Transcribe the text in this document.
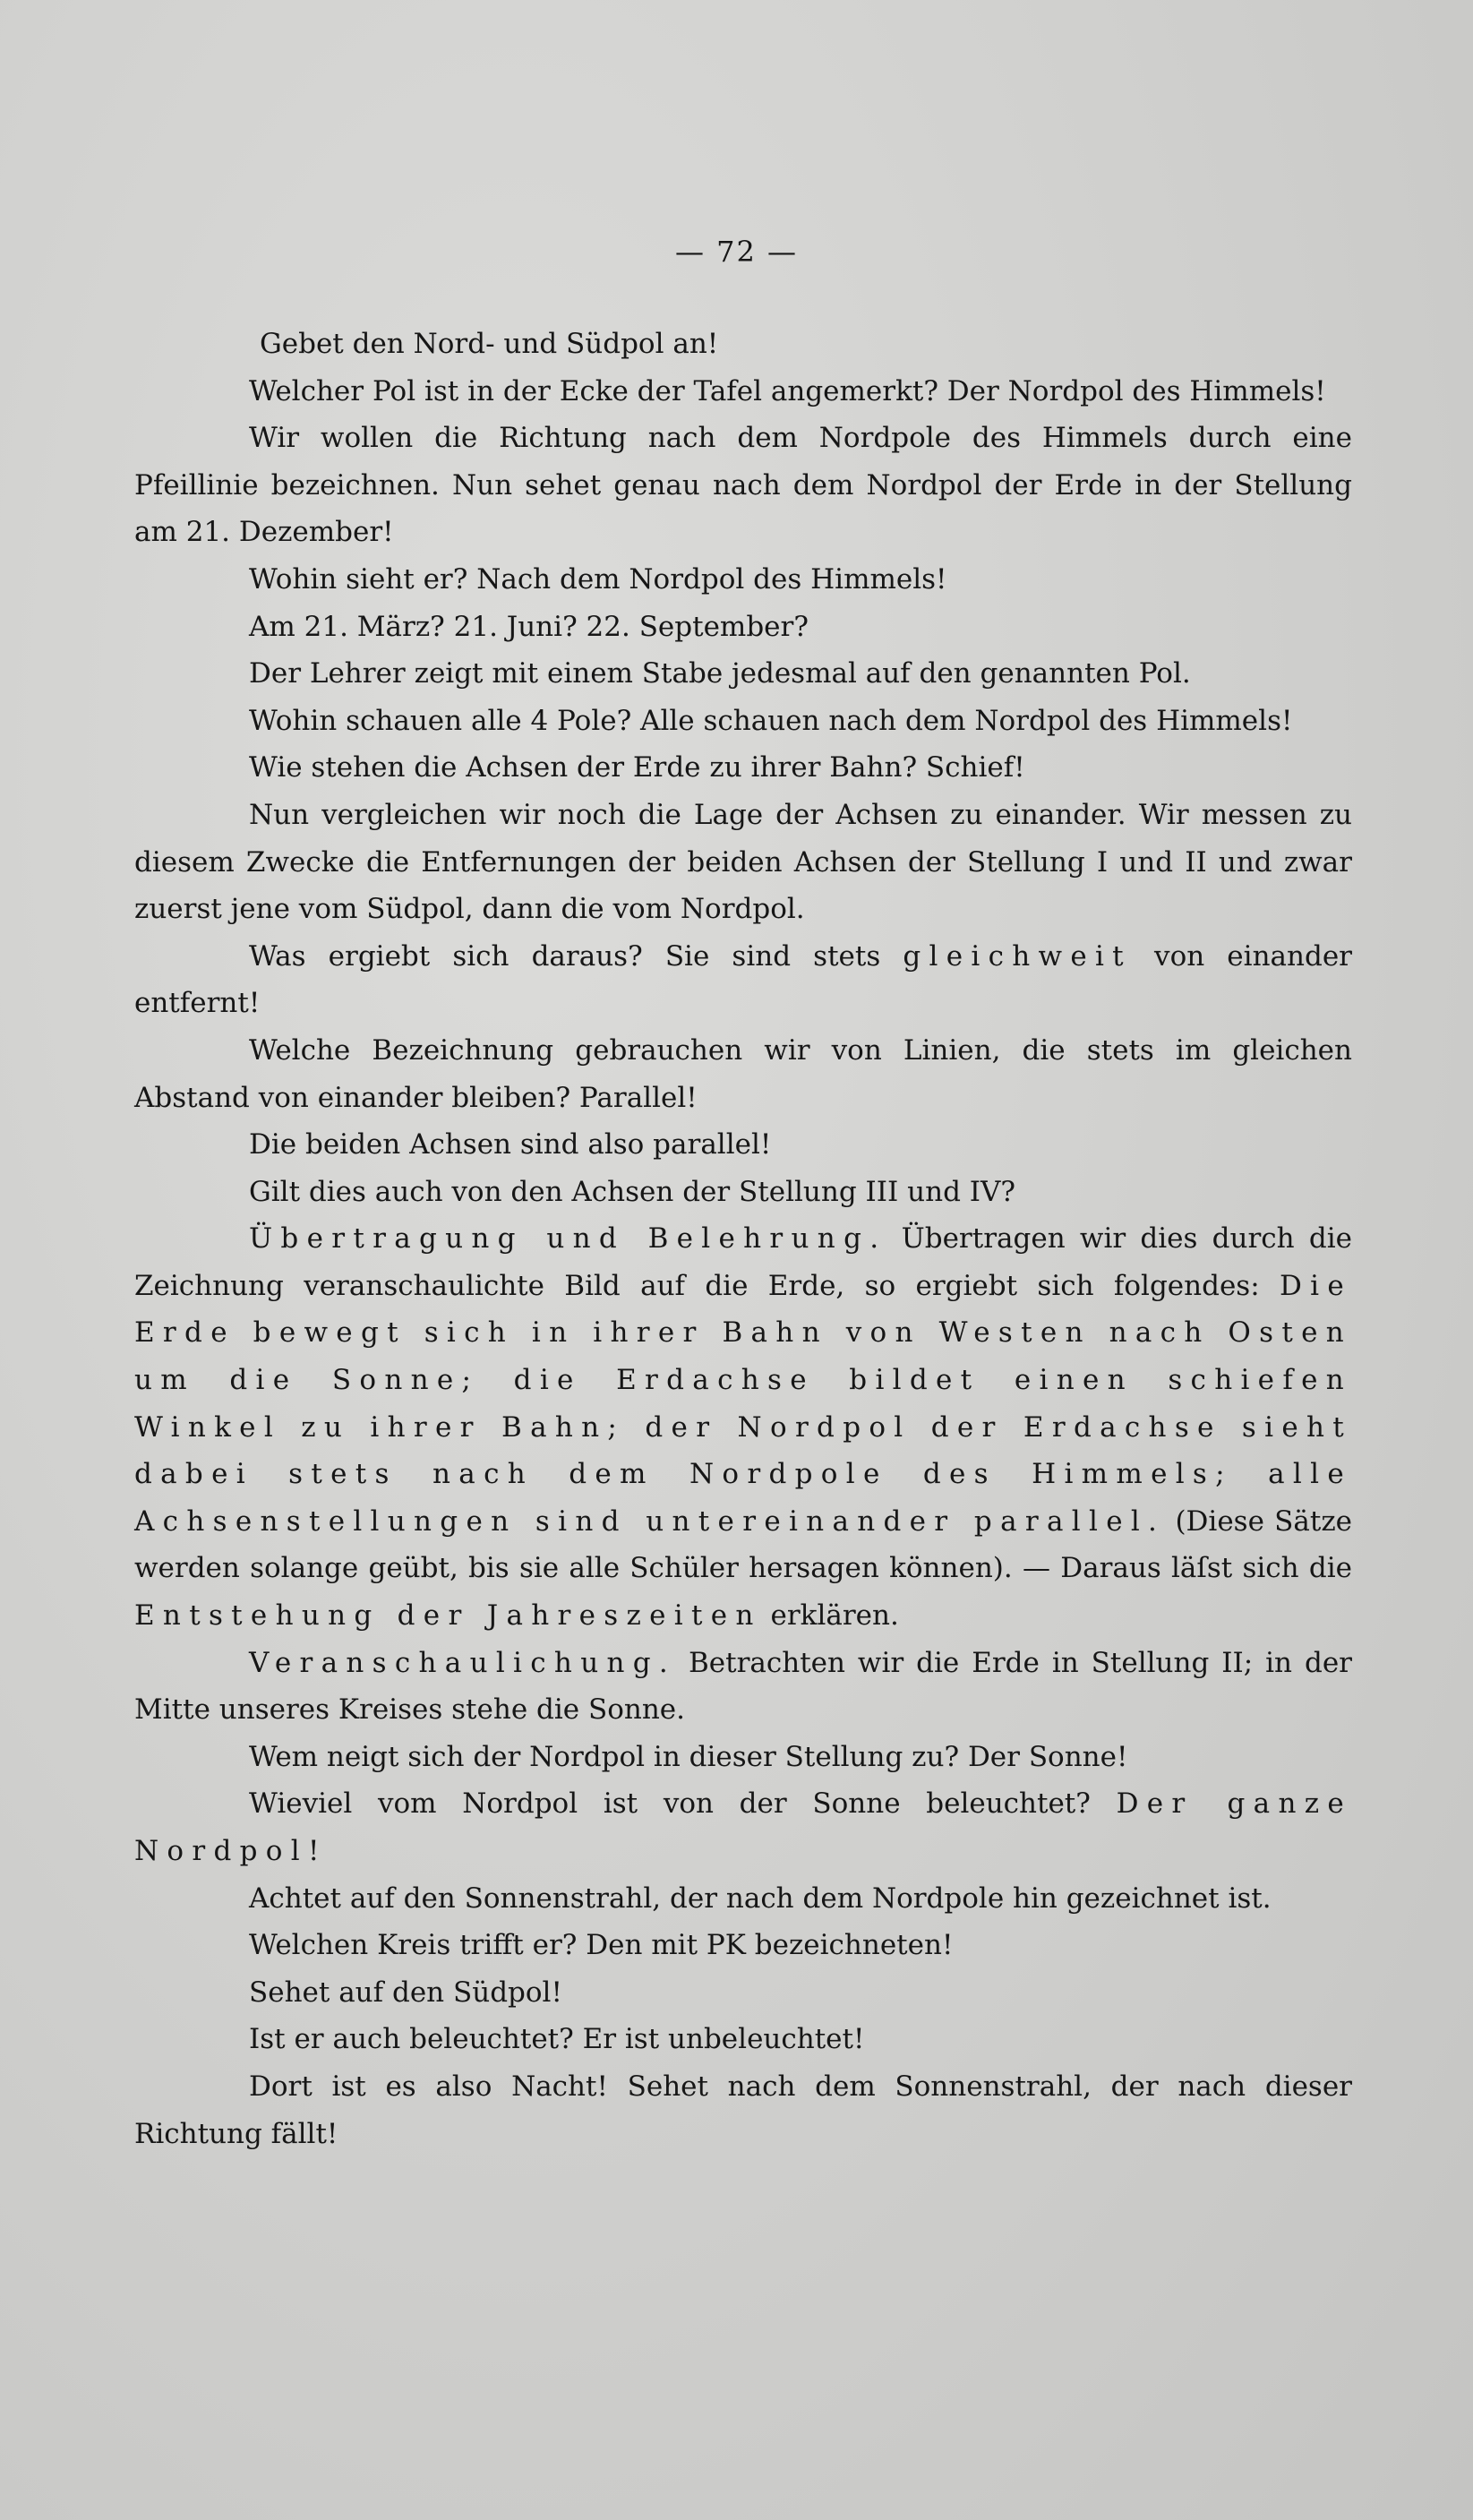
— 72 —

Gebet den Nord- und Südpol an!

Welcher Pol ist in der Ecke der Tafel angemerkt? Der Nordpol des Himmels!

Wir wollen die Richtung nach dem Nordpole des Himmels durch eine Pfeillinie bezeichnen. Nun sehet genau nach dem Nordpol der Erde in der Stellung am 21. Dezember!

Wohin sieht er? Nach dem Nordpol des Himmels!

Am 21. März? 21. Juni? 22. September?

Der Lehrer zeigt mit einem Stabe jedesmal auf den genannten Pol.

Wohin schauen alle 4 Pole? Alle schauen nach dem Nordpol des Himmels!

Wie stehen die Achsen der Erde zu ihrer Bahn? Schief!

Nun vergleichen wir noch die Lage der Achsen zu einander. Wir messen zu diesem Zwecke die Entfernungen der beiden Achsen der Stellung I und II und zwar zuerst jene vom Südpol, dann die vom Nordpol.

Was ergiebt sich daraus? Sie sind stets gleichweit von einander entfernt!

Welche Bezeichnung gebrauchen wir von Linien, die stets im gleichen Abstand von einander bleiben? Parallel!

Die beiden Achsen sind also parallel!

Gilt dies auch von den Achsen der Stellung III und IV?

Übertragung und Belehrung. Übertragen wir dies durch die Zeichnung veranschaulichte Bild auf die Erde, so ergiebt sich folgendes: Die Erde bewegt sich in ihrer Bahn von Westen nach Osten um die Sonne; die Erdachse bildet einen schiefen Winkel zu ihrer Bahn; der Nordpol der Erdachse sieht dabei stets nach dem Nordpole des Himmels; alle Achsenstellungen sind untereinander parallel. (Diese Sätze werden solange geübt, bis sie alle Schüler hersagen können). — Daraus läſst sich die Entstehung der Jahreszeiten erklären.

Veranschaulichung. Betrachten wir die Erde in Stellung II; in der Mitte unseres Kreises stehe die Sonne.

Wem neigt sich der Nordpol in dieser Stellung zu? Der Sonne!

Wieviel vom Nordpol ist von der Sonne beleuchtet? Der ganze Nordpol!

Achtet auf den Sonnenstrahl, der nach dem Nordpole hin gezeichnet ist.

Welchen Kreis trifft er? Den mit PK bezeichneten!

Sehet auf den Südpol!

Ist er auch beleuchtet? Er ist unbeleuchtet!

Dort ist es also Nacht! Sehet nach dem Sonnenstrahl, der nach dieser Richtung fällt!
